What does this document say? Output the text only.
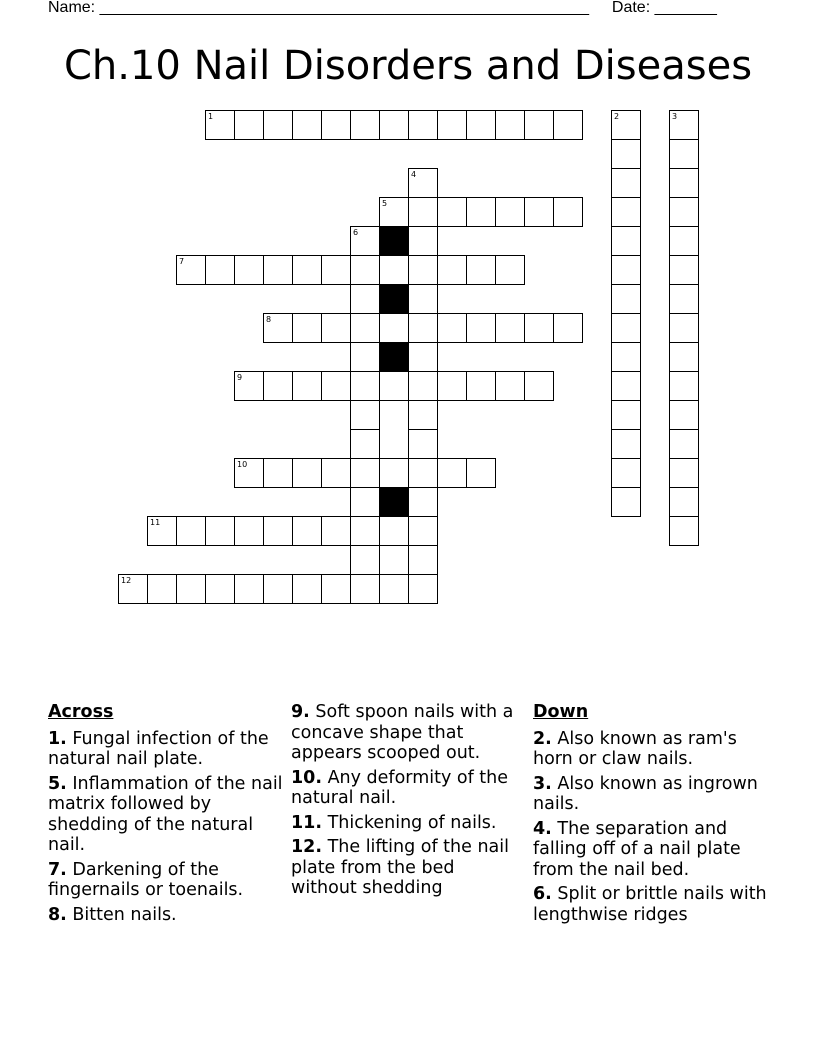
Name: _______________________________________________________ Date: _______
Ch.10 Nail Disorders and Diseases
1	2	3
4
5
6
7
8
9
10
11
12
Across
1. Fungal infection of the natural nail plate.
5. Inflammation of the nail matrix followed by shedding of the natural nail.
7. Darkening of the fingernails or toenails.
8. Bitten nails.
9. Soft spoon nails with a concave shape that appears scooped out.
10. Any deformity of the natural nail.
11. Thickening of nails.
12. The lifting of the nail plate from the bed without shedding
Down
2. Also known as ram's horn or claw nails.
3. Also known as ingrown nails.
4. The separation and falling off of a nail plate from the nail bed.
6. Split or brittle nails with lengthwise ridges
